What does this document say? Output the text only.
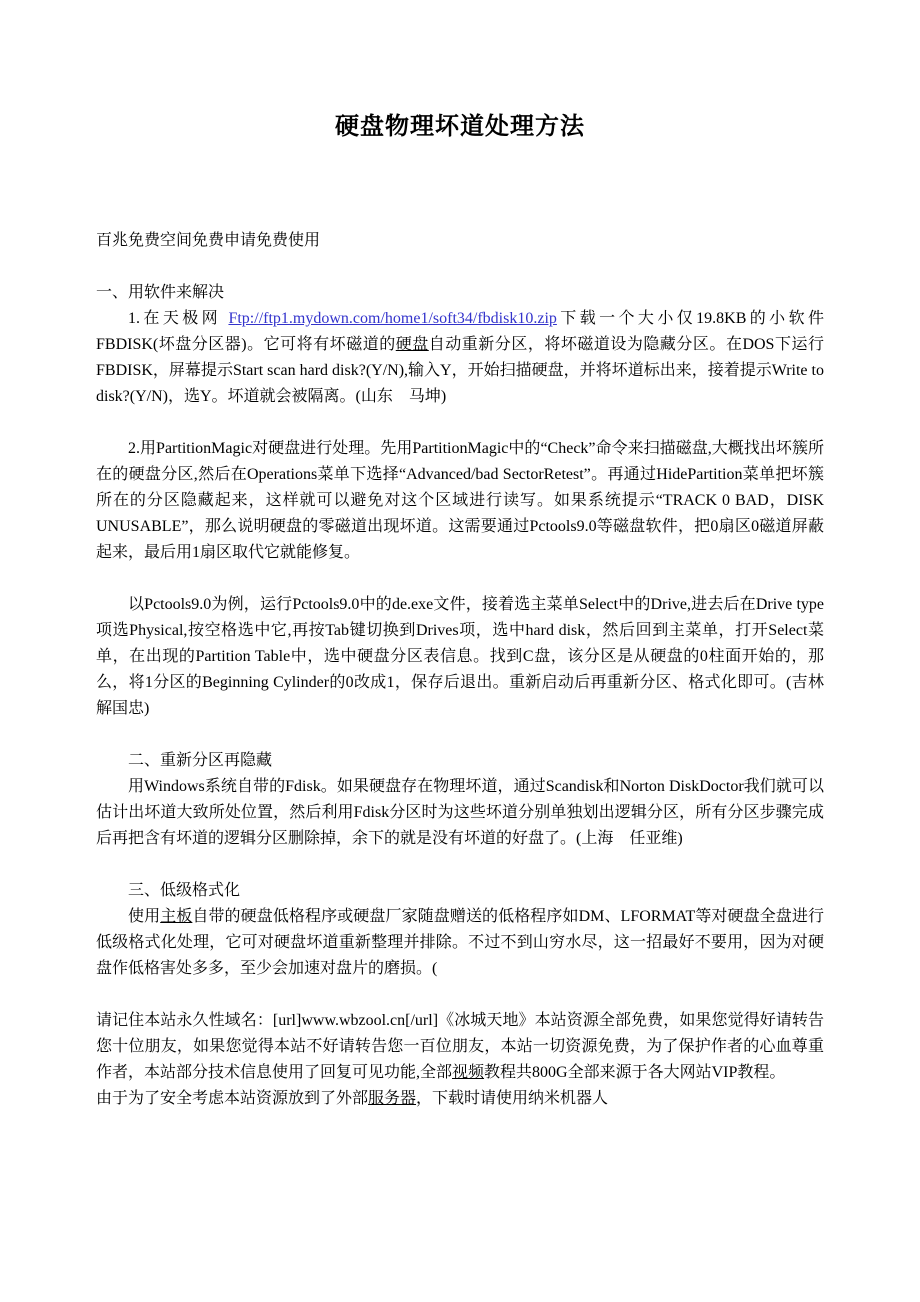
硬盘物理坏道处理方法

百兆免费空间免费申请免费使用

一、用软件来解决

1.在天极网 Ftp://ftp1.mydown.com/home1/soft34/fbdisk10.zip下载一个大小仅19.8KB的小软件FBDISK(坏盘分区器)。它可将有坏磁道的硬盘自动重新分区，将坏磁道设为隐藏分区。在DOS下运行FBDISK，屏幕提示Start scan hard disk?(Y/N),输入Y，开始扫描硬盘，并将坏道标出来，接着提示Write to disk?(Y/N)，选Y。坏道就会被隔离。(山东　马坤)

2.用PartitionMagic对硬盘进行处理。先用PartitionMagic中的“Check”命令来扫描磁盘,大概找出坏簇所在的硬盘分区,然后在Operations菜单下选择“Advanced/bad SectorRetest”。再通过HidePartition菜单把坏簇所在的分区隐藏起来，这样就可以避免对这个区域进行读写。如果系统提示“TRACK 0 BAD，DISK UNUSABLE”，那么说明硬盘的零磁道出现坏道。这需要通过Pctools9.0等磁盘软件，把0扇区0磁道屏蔽起来，最后用1扇区取代它就能修复。

以Pctools9.0为例，运行Pctools9.0中的de.exe文件，接着选主菜单Select中的Drive,进去后在Drive type项选Physical,按空格选中它,再按Tab键切换到Drives项，选中hard disk，然后回到主菜单，打开Select菜单，在出现的Partition Table中，选中硬盘分区表信息。找到C盘，该分区是从硬盘的0柱面开始的，那么，将1分区的Beginning Cylinder的0改成1，保存后退出。重新启动后再重新分区、格式化即可。(吉林　解国忠)

二、重新分区再隐藏

用Windows系统自带的Fdisk。如果硬盘存在物理坏道，通过Scandisk和Norton DiskDoctor我们就可以估计出坏道大致所处位置，然后利用Fdisk分区时为这些坏道分别单独划出逻辑分区，所有分区步骤完成后再把含有坏道的逻辑分区删除掉，余下的就是没有坏道的好盘了。(上海　任亚维)

三、低级格式化

使用主板自带的硬盘低格程序或硬盘厂家随盘赠送的低格程序如DM、LFORMAT等对硬盘全盘进行低级格式化处理，它可对硬盘坏道重新整理并排除。不过不到山穷水尽，这一招最好不要用，因为对硬盘作低格害处多多，至少会加速对盘片的磨损。(

请记住本站永久性域名：[url]www.wbzool.cn[/url]《冰城天地》本站资源全部免费，如果您觉得好请转告您十位朋友，如果您觉得本站不好请转告您一百位朋友，本站一切资源免费，为了保护作者的心血尊重作者，本站部分技术信息使用了回复可见功能,全部视频教程共800G全部来源于各大网站VIP教程。

由于为了安全考虑本站资源放到了外部服务器，下载时请使用纳米机器人
